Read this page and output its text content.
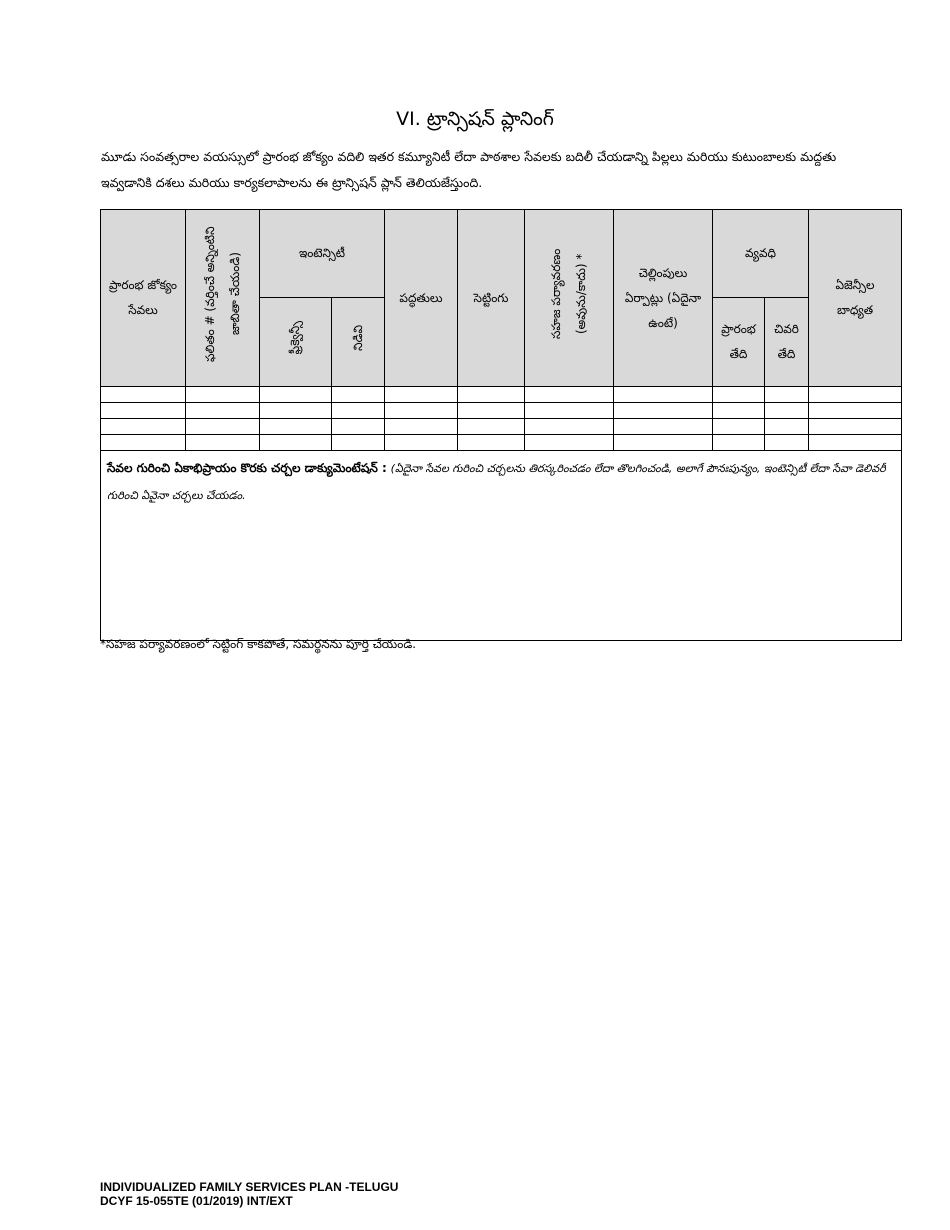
VI. ట్రాన్సిషన్ ప్లానింగ్
మూడు సంవత్సరాల వయస్సులో ప్రారంభ జోక్యం వదిలి ఇతర కమ్యూనిటీ లేదా పాఠశాల సేవలకు బదిలీ చేయడాన్ని పిల్లలు మరియు కుటుంబాలకు మద్దతు ఇవ్వడానికి దశలు మరియు కార్యకలాపాలను ఈ ట్రాన్సిషన్ ప్లాన్ తెలియజేస్తుంది.
ప్రారంభ జోక్యం సేవలు	ఫలితం # (వర్తించే అన్నింటిని జాబితా చేయండి)	ఇంటెన్సిటీ		పద్ధతులు	సెట్టింగు	సహజ పర్యావరణం (అవును/కాదు) *	చెల్లింపులు ఏర్పాట్లు (ఏదైనా ఉంటే)	వ్యవధి		ఏజెన్సీల బాధ్యత
		ఫ్రీక్వెన్సీ	నిడివి					ప్రారంభ తేది	చివరి తేది	

సేవల గురించి ఏకాభిప్రాయం కొరకు చర్చల డాక్యుమెంటేషన్ : (ఏదైనా సేవల గురించి చర్చలను తిరస్కరించడం లేదా తొలగించండి, అలాగే పౌనఃపున్యం, ఇంటెన్సిటీ లేదా సేవా డెలివరీ గురించి ఏవైనా చర్చలు చేయడం.										
*సహజ పర్యావరణంలో సెట్టింగ్ కాకపోతే, సమర్థనను పూర్తి చేయండి.
INDIVIDUALIZED FAMILY SERVICES PLAN -TELUGU
DCYF 15-055TE (01/2019) INT/EXT
